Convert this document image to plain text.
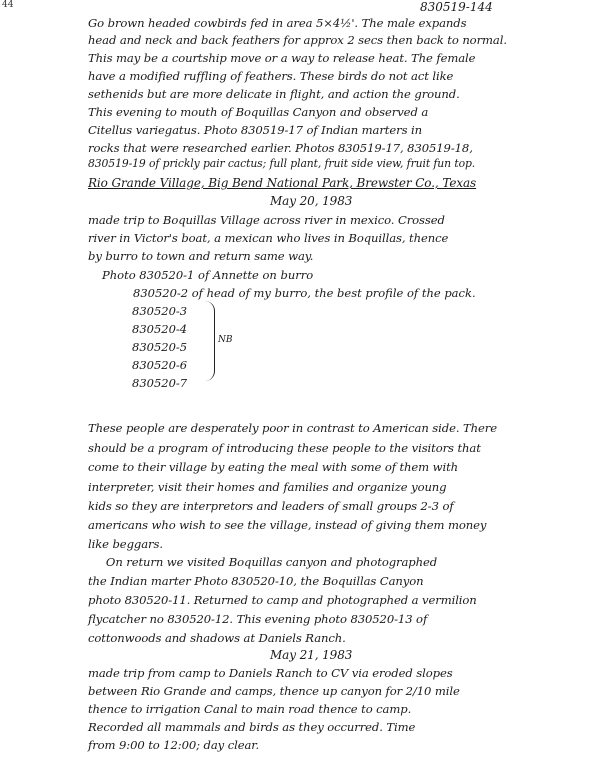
44	830519-144
Go brown headed cowbirds fed in area 5×4½'. The male expands
head and neck and back feathers for approx 2 secs then back to normal.
This may be a courtship move or a way to release heat. The female
have a modified ruffling of feathers. These birds do not act like
sethenids but are more delicate in flight, and action the ground.
This evening to mouth of Boquillas Canyon and observed a
Citellus variegatus. Photo 830519-17 of Indian marters in
rocks that were researched earlier. Photos 830519-17, 830519-18,
830519-19 of prickly pair cactus; full plant, fruit side view, fruit fun top.
Rio Grande Village, Big Bend National Park, Brewster Co., Texas
May 20, 1983
made trip to Boquillas Village across river in mexico. Crossed
river in Victor's boat, a mexican who lives in Boquillas, thence
by burro to town and return same way.
Photo 830520-1 of Annette on burro
830520-2 of head of my burro, the best profile of the pack.
830520-3
830520-4
830520-5
830520-6
830520-7
NB
These people are desperately poor in contrast to American side. There
should be a program of introducing these people to the visitors that
come to their village by eating the meal with some of them with
interpreter, visit their homes and families and organize young
kids so they are interpretors and leaders of small groups 2-3 of
americans who wish to see the village, instead of giving them money
like beggars.
On return we visited Boquillas canyon and photographed
the Indian marter Photo 830520-10, the Boquillas Canyon
photo 830520-11. Returned to camp and photographed a vermilion
flycatcher no 830520-12. This evening photo 830520-13 of
cottonwoods and shadows at Daniels Ranch.
May 21, 1983
made trip from camp to Daniels Ranch to CV via eroded slopes
between Rio Grande and camps, thence up canyon for 2/10 mile
thence to irrigation Canal to main road thence to camp.
Recorded all mammals and birds as they occurred. Time
from 9:00 to 12:00; day clear.
